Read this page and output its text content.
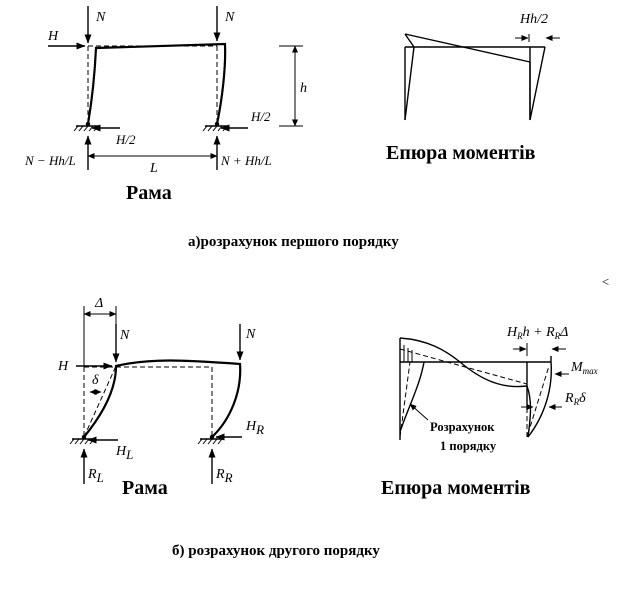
N	N
H
h
L
H/2
H/2
N − Hh/L	N + Hh/L
Рама
Hh/2
Епюра моментів
а)розрахунок першого порядку
<
Δ
N	N
H
δ
HL
HR
RL	RR
Рама
$H_Rh + R_R\Delta$
$M_{max}$
$R_R\delta$
Розрахунок
1 порядку
Епюра моментів
б) розрахунок другого порядку
